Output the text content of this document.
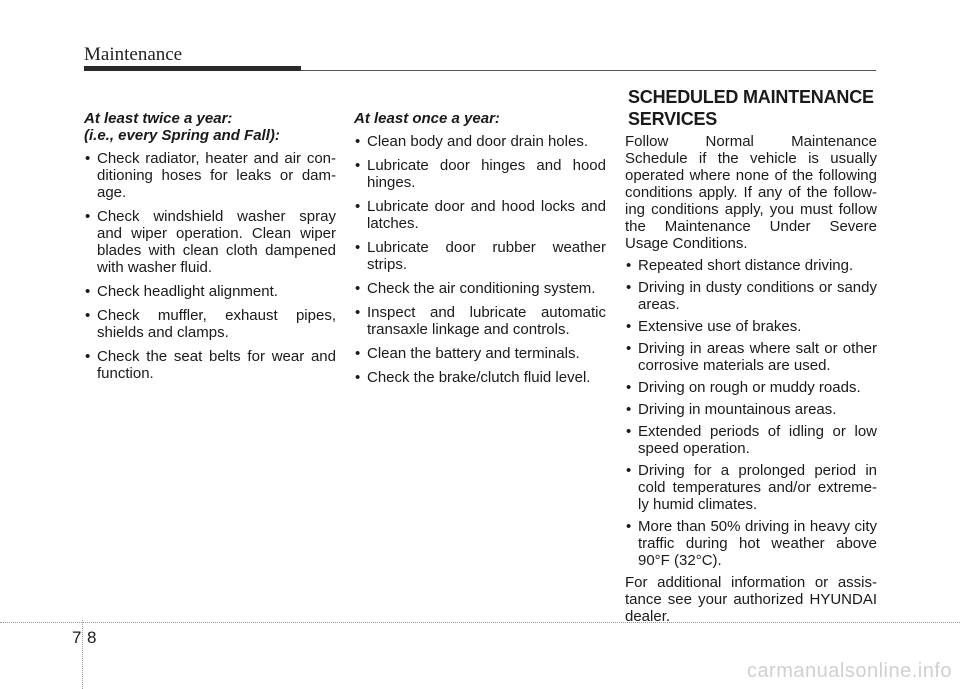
Maintenance
At least twice a year:
(i.e., every Spring and Fall):
• Check radiator, heater and air con-ditioning hoses for leaks or dam-age.
• Check windshield washer spray and wiper operation. Clean wiper blades with clean cloth dampened with washer fluid.
• Check headlight alignment.
• Check muffler, exhaust pipes, shields and clamps.
• Check the seat belts for wear and function.
At least once a year:
• Clean body and door drain holes.
• Lubricate door hinges and hood hinges.
• Lubricate door and hood locks and latches.
• Lubricate door rubber weather strips.
• Check the air conditioning system.
• Inspect and lubricate automatic transaxle linkage and controls.
• Clean the battery and terminals.
• Check the brake/clutch fluid level.
SCHEDULED MAINTENANCE
SERVICES

Follow Normal Maintenance Schedule if the vehicle is usually operated where none of the following conditions apply. If any of the follow-ing conditions apply, you must follow the Maintenance Under Severe Usage Conditions.

• Repeated short distance driving.
• Driving in dusty conditions or sandy areas.
• Extensive use of brakes.
• Driving in areas where salt or other corrosive materials are used.
• Driving on rough or muddy roads.
• Driving in mountainous areas.
• Extended periods of idling or low speed operation.
• Driving for a prolonged period in cold temperatures and/or extreme-ly humid climates.
• More than 50% driving in heavy city traffic during hot weather above 90°F (32°C).

For additional information or assis-tance see your authorized HYUNDAI dealer.

7 8
carmanualsonline.info
